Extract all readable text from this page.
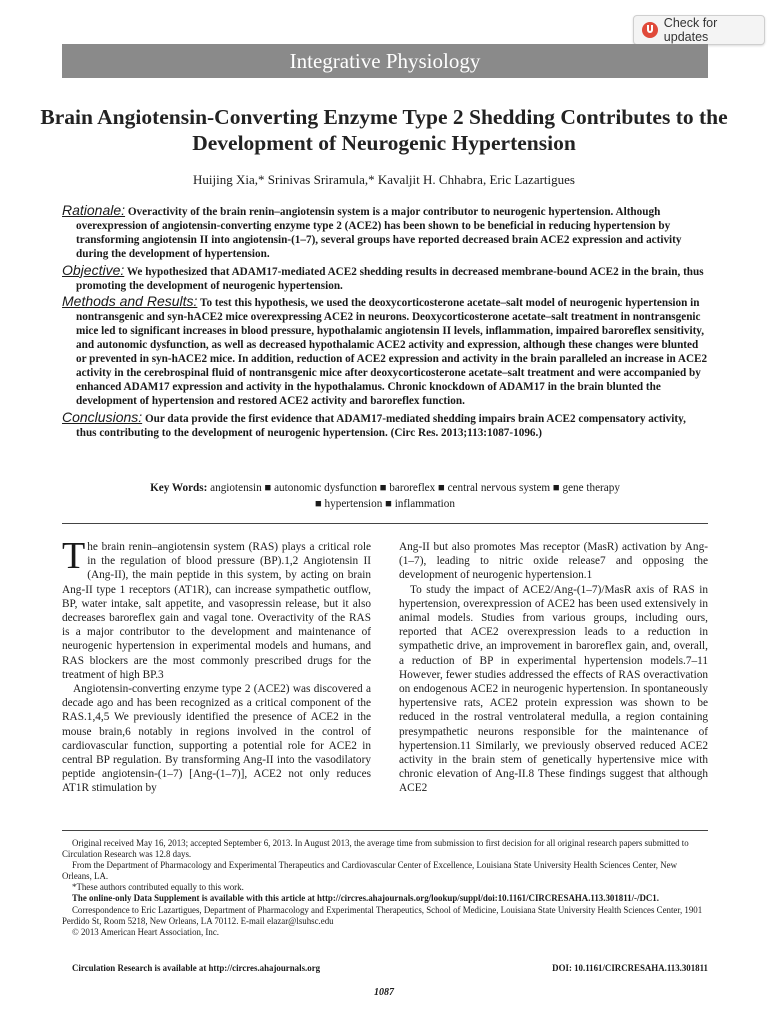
Check for updates
Integrative Physiology
Brain Angiotensin-Converting Enzyme Type 2 Shedding Contributes to the Development of Neurogenic Hypertension
Huijing Xia,* Srinivas Sriramula,* Kavaljit H. Chhabra, Eric Lazartigues

Rationale: Overactivity of the brain renin–angiotensin system is a major contributor to neurogenic hypertension. Although overexpression of angiotensin-converting enzyme type 2 (ACE2) has been shown to be beneficial in reducing hypertension by transforming angiotensin II into angiotensin-(1–7), several groups have reported decreased brain ACE2 expression and activity during the development of hypertension.

Objective: We hypothesized that ADAM17-mediated ACE2 shedding results in decreased membrane-bound ACE2 in the brain, thus promoting the development of neurogenic hypertension.

Methods and Results: To test this hypothesis, we used the deoxycorticosterone acetate–salt model of neurogenic hypertension in nontransgenic and syn-hACE2 mice overexpressing ACE2 in neurons. Deoxycorticosterone acetate–salt treatment in nontransgenic mice led to significant increases in blood pressure, hypothalamic angiotensin II levels, inflammation, impaired baroreflex sensitivity, and autonomic dysfunction, as well as decreased hypothalamic ACE2 activity and expression, although these changes were blunted or prevented in syn-hACE2 mice. In addition, reduction of ACE2 expression and activity in the brain paralleled an increase in ACE2 activity in the cerebrospinal fluid of nontransgenic mice after deoxycorticosterone acetate–salt treatment and were accompanied by enhanced ADAM17 expression and activity in the hypothalamus. Chronic knockdown of ADAM17 in the brain blunted the development of hypertension and restored ACE2 activity and baroreflex function.

Conclusions: Our data provide the first evidence that ADAM17-mediated shedding impairs brain ACE2 compensatory activity, thus contributing to the development of neurogenic hypertension. (Circ Res. 2013;113:1087-1096.)

Key Words: angiotensin ■ autonomic dysfunction ■ baroreflex ■ central nervous system ■ gene therapy
■ hypertension ■ inflammation

The brain renin–angiotensin system (RAS) plays a critical role in the regulation of blood pressure (BP).1,2 Angiotensin II (Ang-II), the main peptide in this system, by acting on brain Ang-II type 1 receptors (AT1R), can increase sympathetic outflow, BP, water intake, salt appetite, and vasopressin release, but it also decreases baroreflex gain and vagal tone. Overactivity of the RAS is a major contributor to the development and maintenance of neurogenic hypertension in experimental models and humans, and RAS blockers are the most commonly prescribed drugs for the treatment of high BP.3

Angiotensin-converting enzyme type 2 (ACE2) was discovered a decade ago and has been recognized as a critical component of the RAS.1,4,5 We previously identified the presence of ACE2 in the mouse brain,6 notably in regions involved in the control of cardiovascular function, supporting a potential role for ACE2 in central BP regulation. By transforming Ang-II into the vasodilatory peptide angiotensin-(1–7) [Ang-(1–7)], ACE2 not only reduces AT1R stimulation by

Ang-II but also promotes Mas receptor (MasR) activation by Ang-(1–7), leading to nitric oxide release7 and opposing the development of neurogenic hypertension.1

To study the impact of ACE2/Ang-(1–7)/MasR axis of RAS in hypertension, overexpression of ACE2 has been used extensively in animal models. Studies from various groups, including ours, reported that ACE2 overexpression leads to a reduction in sympathetic drive, an improvement in baroreflex gain, and, overall, a reduction of BP in experimental hypertension models.7–11 However, fewer studies addressed the effects of RAS overactivation on endogenous ACE2 in neurogenic hypertension. In spontaneously hypertensive rats, ACE2 protein expression was shown to be reduced in the rostral ventrolateral medulla, a region containing presympathetic neurons responsible for the maintenance of hypertension.11 Similarly, we previously observed reduced ACE2 activity in the brain stem of genetically hypertensive mice with chronic elevation of Ang-II.8 These findings suggest that although ACE2

Original received May 16, 2013; accepted September 6, 2013. In August 2013, the average time from submission to first decision for all original research papers submitted to Circulation Research was 12.8 days.

From the Department of Pharmacology and Experimental Therapeutics and Cardiovascular Center of Excellence, Louisiana State University Health Sciences Center, New Orleans, LA.

*These authors contributed equally to this work.

The online-only Data Supplement is available with this article at http://circres.ahajournals.org/lookup/suppl/doi:10.1161/CIRCRESAHA.113.301811/-/DC1.

Correspondence to Eric Lazartigues, Department of Pharmacology and Experimental Therapeutics, School of Medicine, Louisiana State University Health Sciences Center, 1901 Perdido St, Room 5218, New Orleans, LA 70112. E-mail elazar@lsuhsc.edu

© 2013 American Heart Association, Inc.

Circulation Research is available at http://circres.ahajournals.org	DOI: 10.1161/CIRCRESAHA.113.301811
1087
